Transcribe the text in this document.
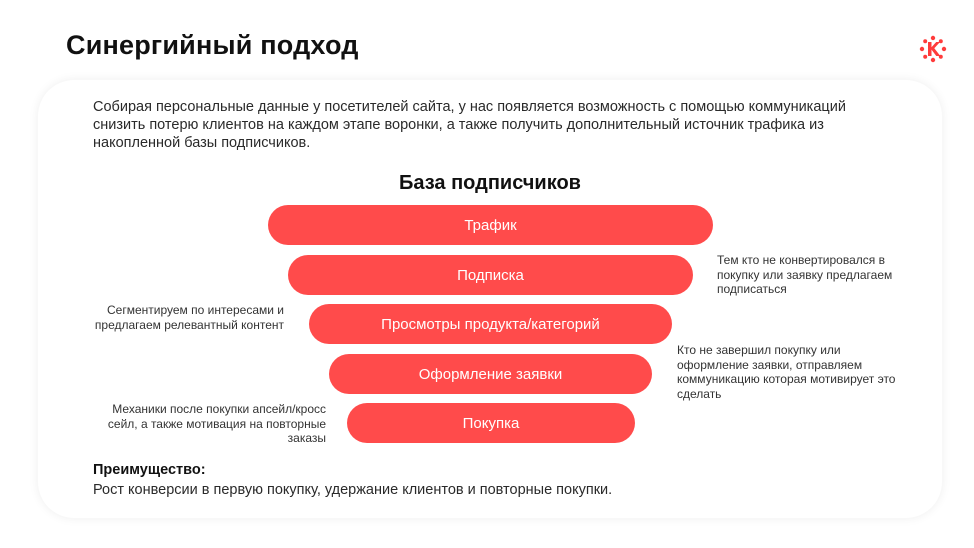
Синергийный подход
Собирая персональные данные у посетителей сайта, у нас появляется возможность с помощью коммуникаций снизить потерю клиентов на каждом этапе воронки, а также получить дополнительный источник трафика из накопленной базы подписчиков.
База подписчиков
Трафик
Подписка
Просмотры продукта/категорий
Оформление заявки
Покупка
Тем кто не конвертировался в покупку или заявку предлагаем подписаться
Сегментируем по интересами и предлагаем релевантный контент
Кто не завершил покупку или оформление заявки, отправляем коммуникацию которая мотивирует это сделать
Механики после покупки апсейл/кросс сейл, а также мотивация на повторные заказы
Преимущество:
Рост конверсии в первую покупку, удержание клиентов и повторные покупки.
